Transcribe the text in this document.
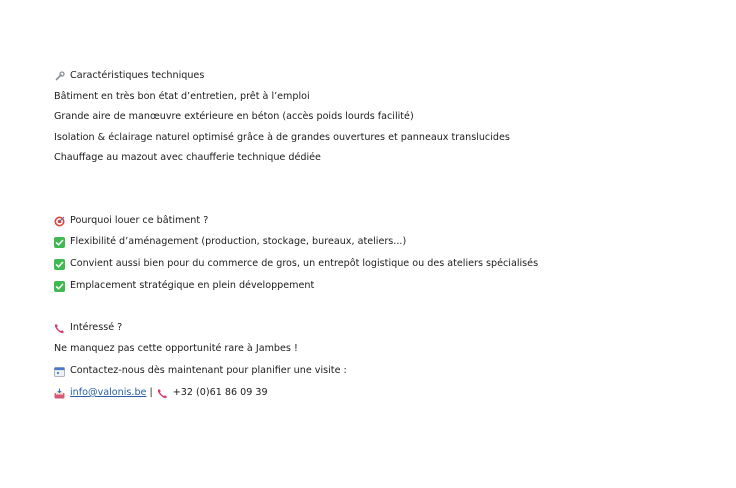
Caractéristiques techniques
Bâtiment en très bon état d’entretien, prêt à l’emploi
Grande aire de manœuvre extérieure en béton (accès poids lourds facilité)
Isolation & éclairage naturel optimisé grâce à de grandes ouvertures et panneaux translucides
Chauffage au mazout avec chaufferie technique dédiée
Pourquoi louer ce bâtiment ?
Flexibilité d’aménagement (production, stockage, bureaux, ateliers...)
Convient aussi bien pour du commerce de gros, un entrepôt logistique ou des ateliers spécialisés
Emplacement stratégique en plein développement
Intéressé ?
Ne manquez pas cette opportunité rare à Jambes !
Contactez-nous dès maintenant pour planifier une visite :
info@valonis.be | +32 (0)61 86 09 39
